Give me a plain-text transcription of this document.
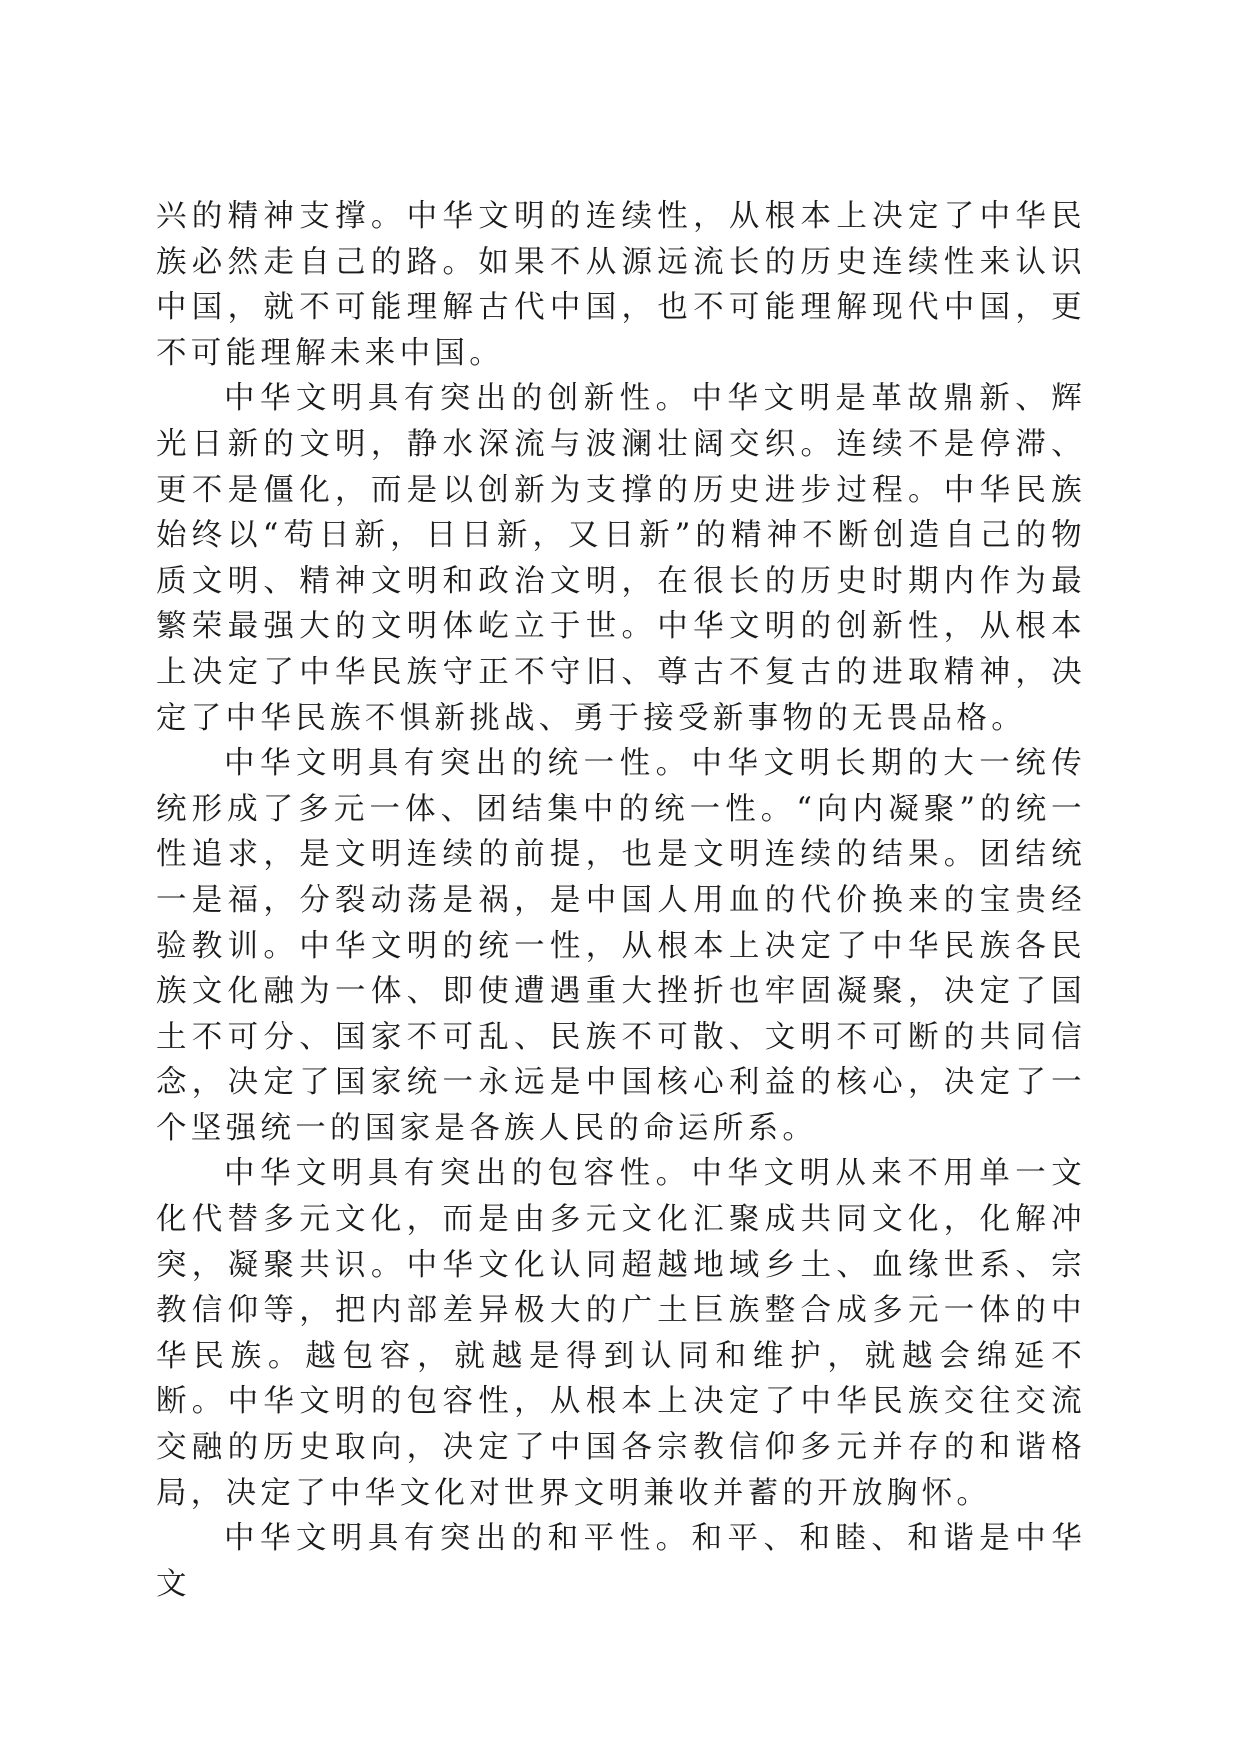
兴的精神支撑。中华文明的连续性，从根本上决定了中华民族必然走自己的路。如果不从源远流长的历史连续性来认识中国，就不可能理解古代中国，也不可能理解现代中国，更不可能理解未来中国。

中华文明具有突出的创新性。中华文明是革故鼎新、辉光日新的文明，静水深流与波澜壮阔交织。连续不是停滞、更不是僵化，而是以创新为支撑的历史进步过程。中华民族始终以“苟日新，日日新，又日新”的精神不断创造自己的物质文明、精神文明和政治文明，在很长的历史时期内作为最繁荣最强大的文明体屹立于世。中华文明的创新性，从根本上决定了中华民族守正不守旧、尊古不复古的进取精神，决定了中华民族不惧新挑战、勇于接受新事物的无畏品格。

中华文明具有突出的统一性。中华文明长期的大一统传统形成了多元一体、团结集中的统一性。“向内凝聚”的统一性追求，是文明连续的前提，也是文明连续的结果。团结统一是福，分裂动荡是祸，是中国人用血的代价换来的宝贵经验教训。中华文明的统一性，从根本上决定了中华民族各民族文化融为一体、即使遭遇重大挫折也牢固凝聚，决定了国土不可分、国家不可乱、民族不可散、文明不可断的共同信念，决定了国家统一永远是中国核心利益的核心，决定了一个坚强统一的国家是各族人民的命运所系。

中华文明具有突出的包容性。中华文明从来不用单一文化代替多元文化，而是由多元文化汇聚成共同文化，化解冲突，凝聚共识。中华文化认同超越地域乡土、血缘世系、宗教信仰等，把内部差异极大的广土巨族整合成多元一体的中华民族。越包容，就越是得到认同和维护，就越会绵延不断。中华文明的包容性，从根本上决定了中华民族交往交流交融的历史取向，决定了中国各宗教信仰多元并存的和谐格局，决定了中华文化对世界文明兼收并蓄的开放胸怀。

中华文明具有突出的和平性。和平、和睦、和谐是中华文
